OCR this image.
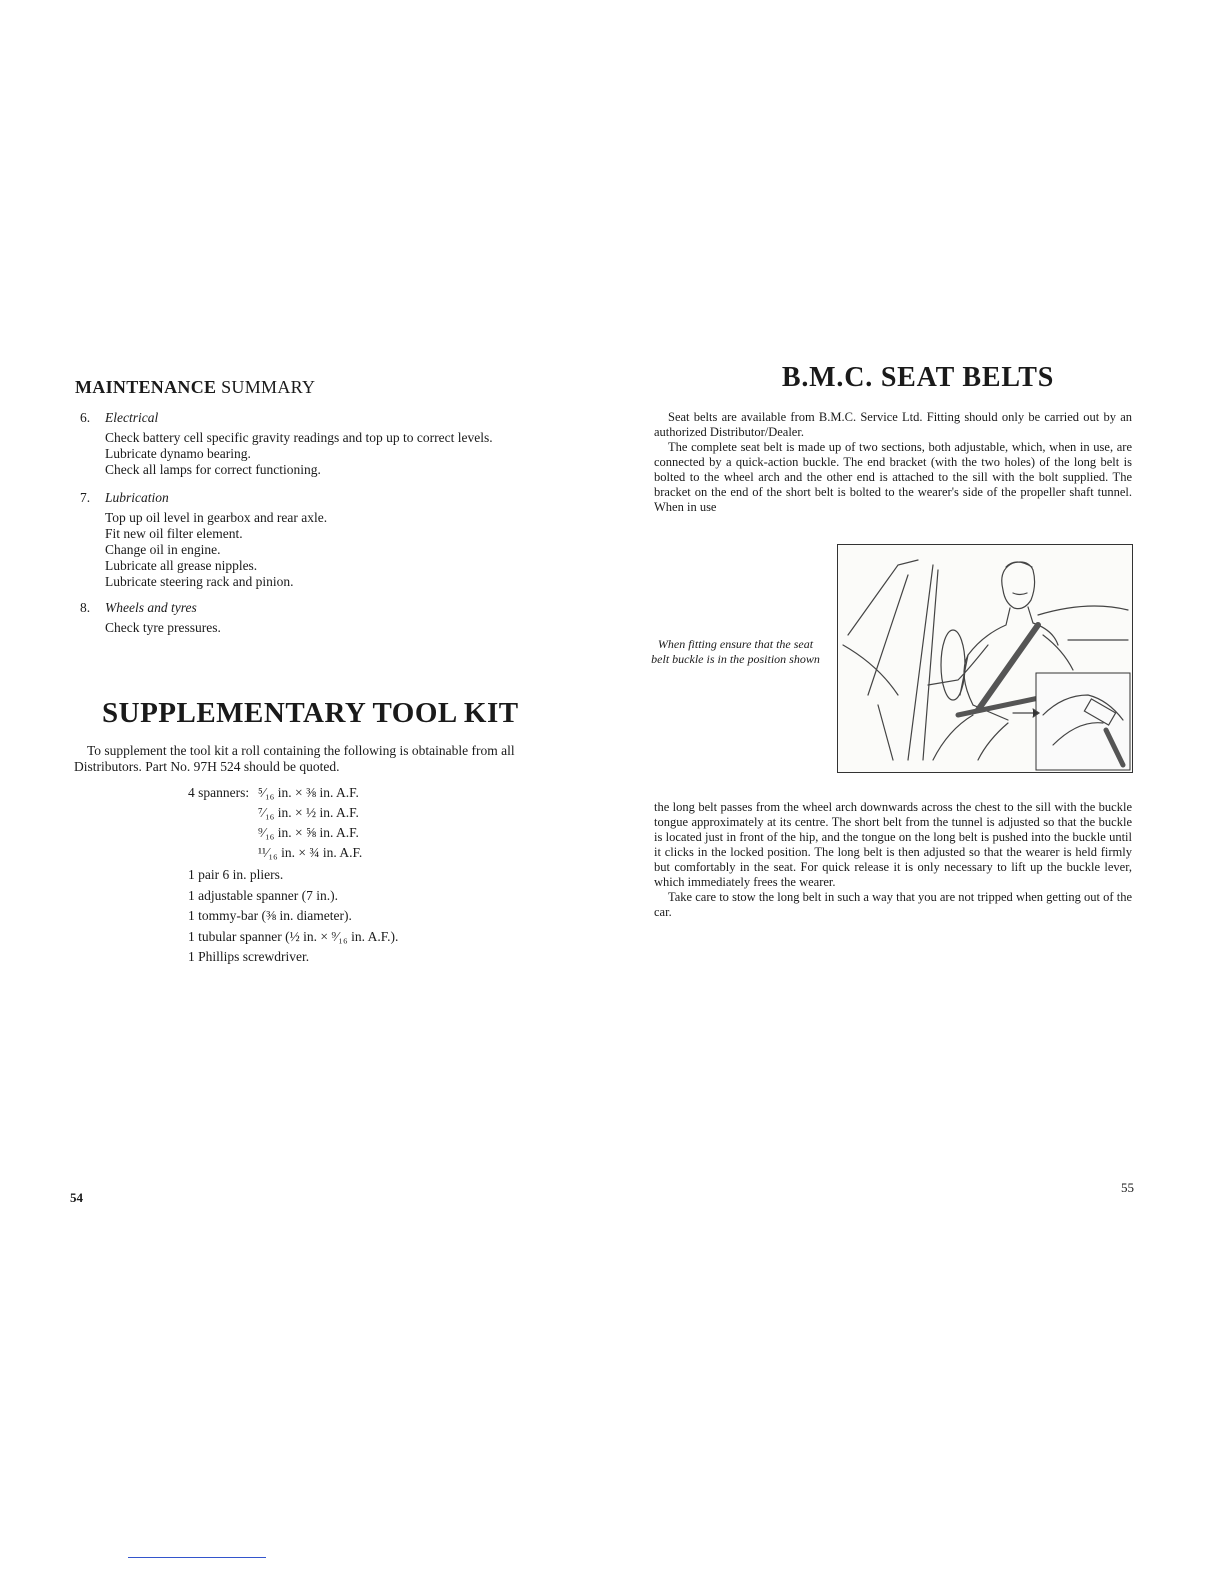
MAINTENANCE SUMMARY
6. Electrical
Check battery cell specific gravity readings and top up to correct levels.
Lubricate dynamo bearing.
Check all lamps for correct functioning.
7. Lubrication
Top up oil level in gearbox and rear axle.
Fit new oil filter element.
Change oil in engine.
Lubricate all grease nipples.
Lubricate steering rack and pinion.
8. Wheels and tyres
Check tyre pressures.
SUPPLEMENTARY TOOL KIT

To supplement the tool kit a roll containing the following is obtainable from all Distributors. Part No. 97H 524 should be quoted.

4 spanners: ⁵⁄₁₆ in. × ⅜ in. A.F.
⁷⁄₁₆ in. × ½ in. A.F.
⁹⁄₁₆ in. × ⅝ in. A.F.
¹¹⁄₁₆ in. × ¾ in. A.F.
1 pair 6 in. pliers.
1 adjustable spanner (7 in.).
1 tommy-bar (⅜ in. diameter).
1 tubular spanner (½ in. × ⁹⁄₁₆ in. A.F.).
1 Phillips screwdriver.
54
B.M.C. SEAT BELTS

Seat belts are available from B.M.C. Service Ltd. Fitting should only be carried out by an authorized Distributor/Dealer.

The complete seat belt is made up of two sections, both adjustable, which, when in use, are connected by a quick-action buckle. The end bracket (with the two holes) of the long belt is bolted to the wheel arch and the other end is attached to the sill with the bolt supplied. The bracket on the end of the short belt is bolted to the wearer's side of the propeller shaft tunnel. When in use

When fitting ensure that the seat belt buckle is in the position shown

the long belt passes from the wheel arch downwards across the chest to the sill with the buckle tongue approximately at its centre. The short belt from the tunnel is adjusted so that the buckle is located just in front of the hip, and the tongue on the long belt is pushed into the buckle until it clicks in the locked position. The long belt is then adjusted so that the wearer is held firmly but comfortably in the seat. For quick release it is only necessary to lift up the buckle lever, which immediately frees the wearer.

Take care to stow the long belt in such a way that you are not tripped when getting out of the car.

55
